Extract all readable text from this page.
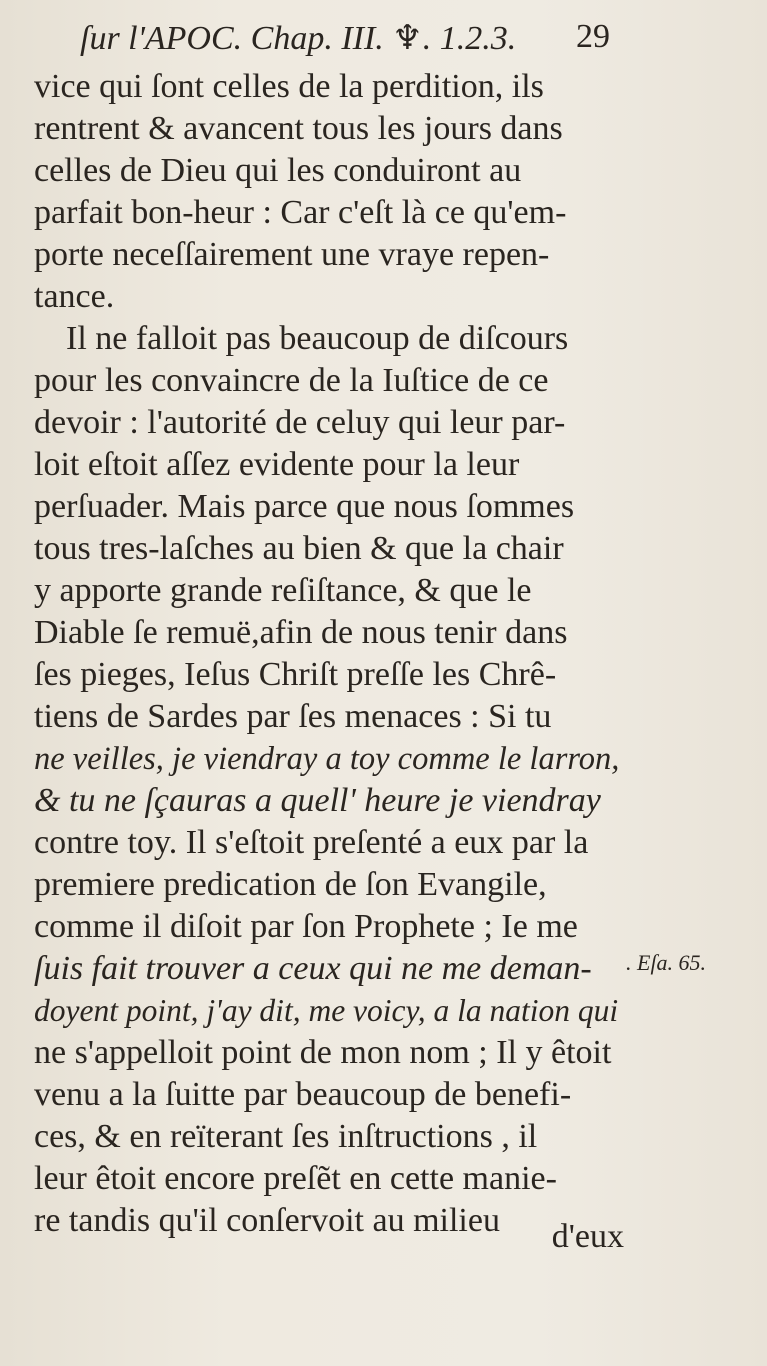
ſur l'APOC. Chap. III. ♆. 1.2.3. 29
vice qui ſont celles de la perdition, ils
rentrent & avancent tous les jours dans
celles de Dieu qui les conduiront au
parfait bon-heur : Car c'eſt là ce qu'em-
porte neceſſairement une vraye repen-
tance.
Il ne falloit pas beaucoup de diſcours
pour les convaincre de la Iuſtice de ce
devoir : l'autorité de celuy qui leur par-
loit eſtoit aſſez evidente pour la leur
perſuader. Mais parce que nous ſommes
tous tres-laſches au bien & que la chair
y apporte grande reſiſtance, & que le
Diable ſe remuë,afin de nous tenir dans
ſes pieges, Ieſus Chriſt preſſe les Chrê-
tiens de Sardes par ſes menaces : Si tu
ne veilles, je viendray a toy comme le larron,
& tu ne ſçauras a quell' heure je viendray
contre toy. Il s'eſtoit preſenté a eux par la
premiere predication de ſon Evangile,
comme il diſoit par ſon Prophete ; Ie me
ſuis fait trouver a ceux qui ne me deman-
doyent point, j'ay dit, me voicy, a la nation qui
ne s'appelloit point de mon nom ; Il y êtoit
venu a la ſuitte par beaucoup de benefi-
ces, & en reïterant ſes inſtructions , il
leur êtoit encore preſẽt en cette manie-
re tandis qu'il conſervoit au milieu	d'eux
. Eſa. 65.
